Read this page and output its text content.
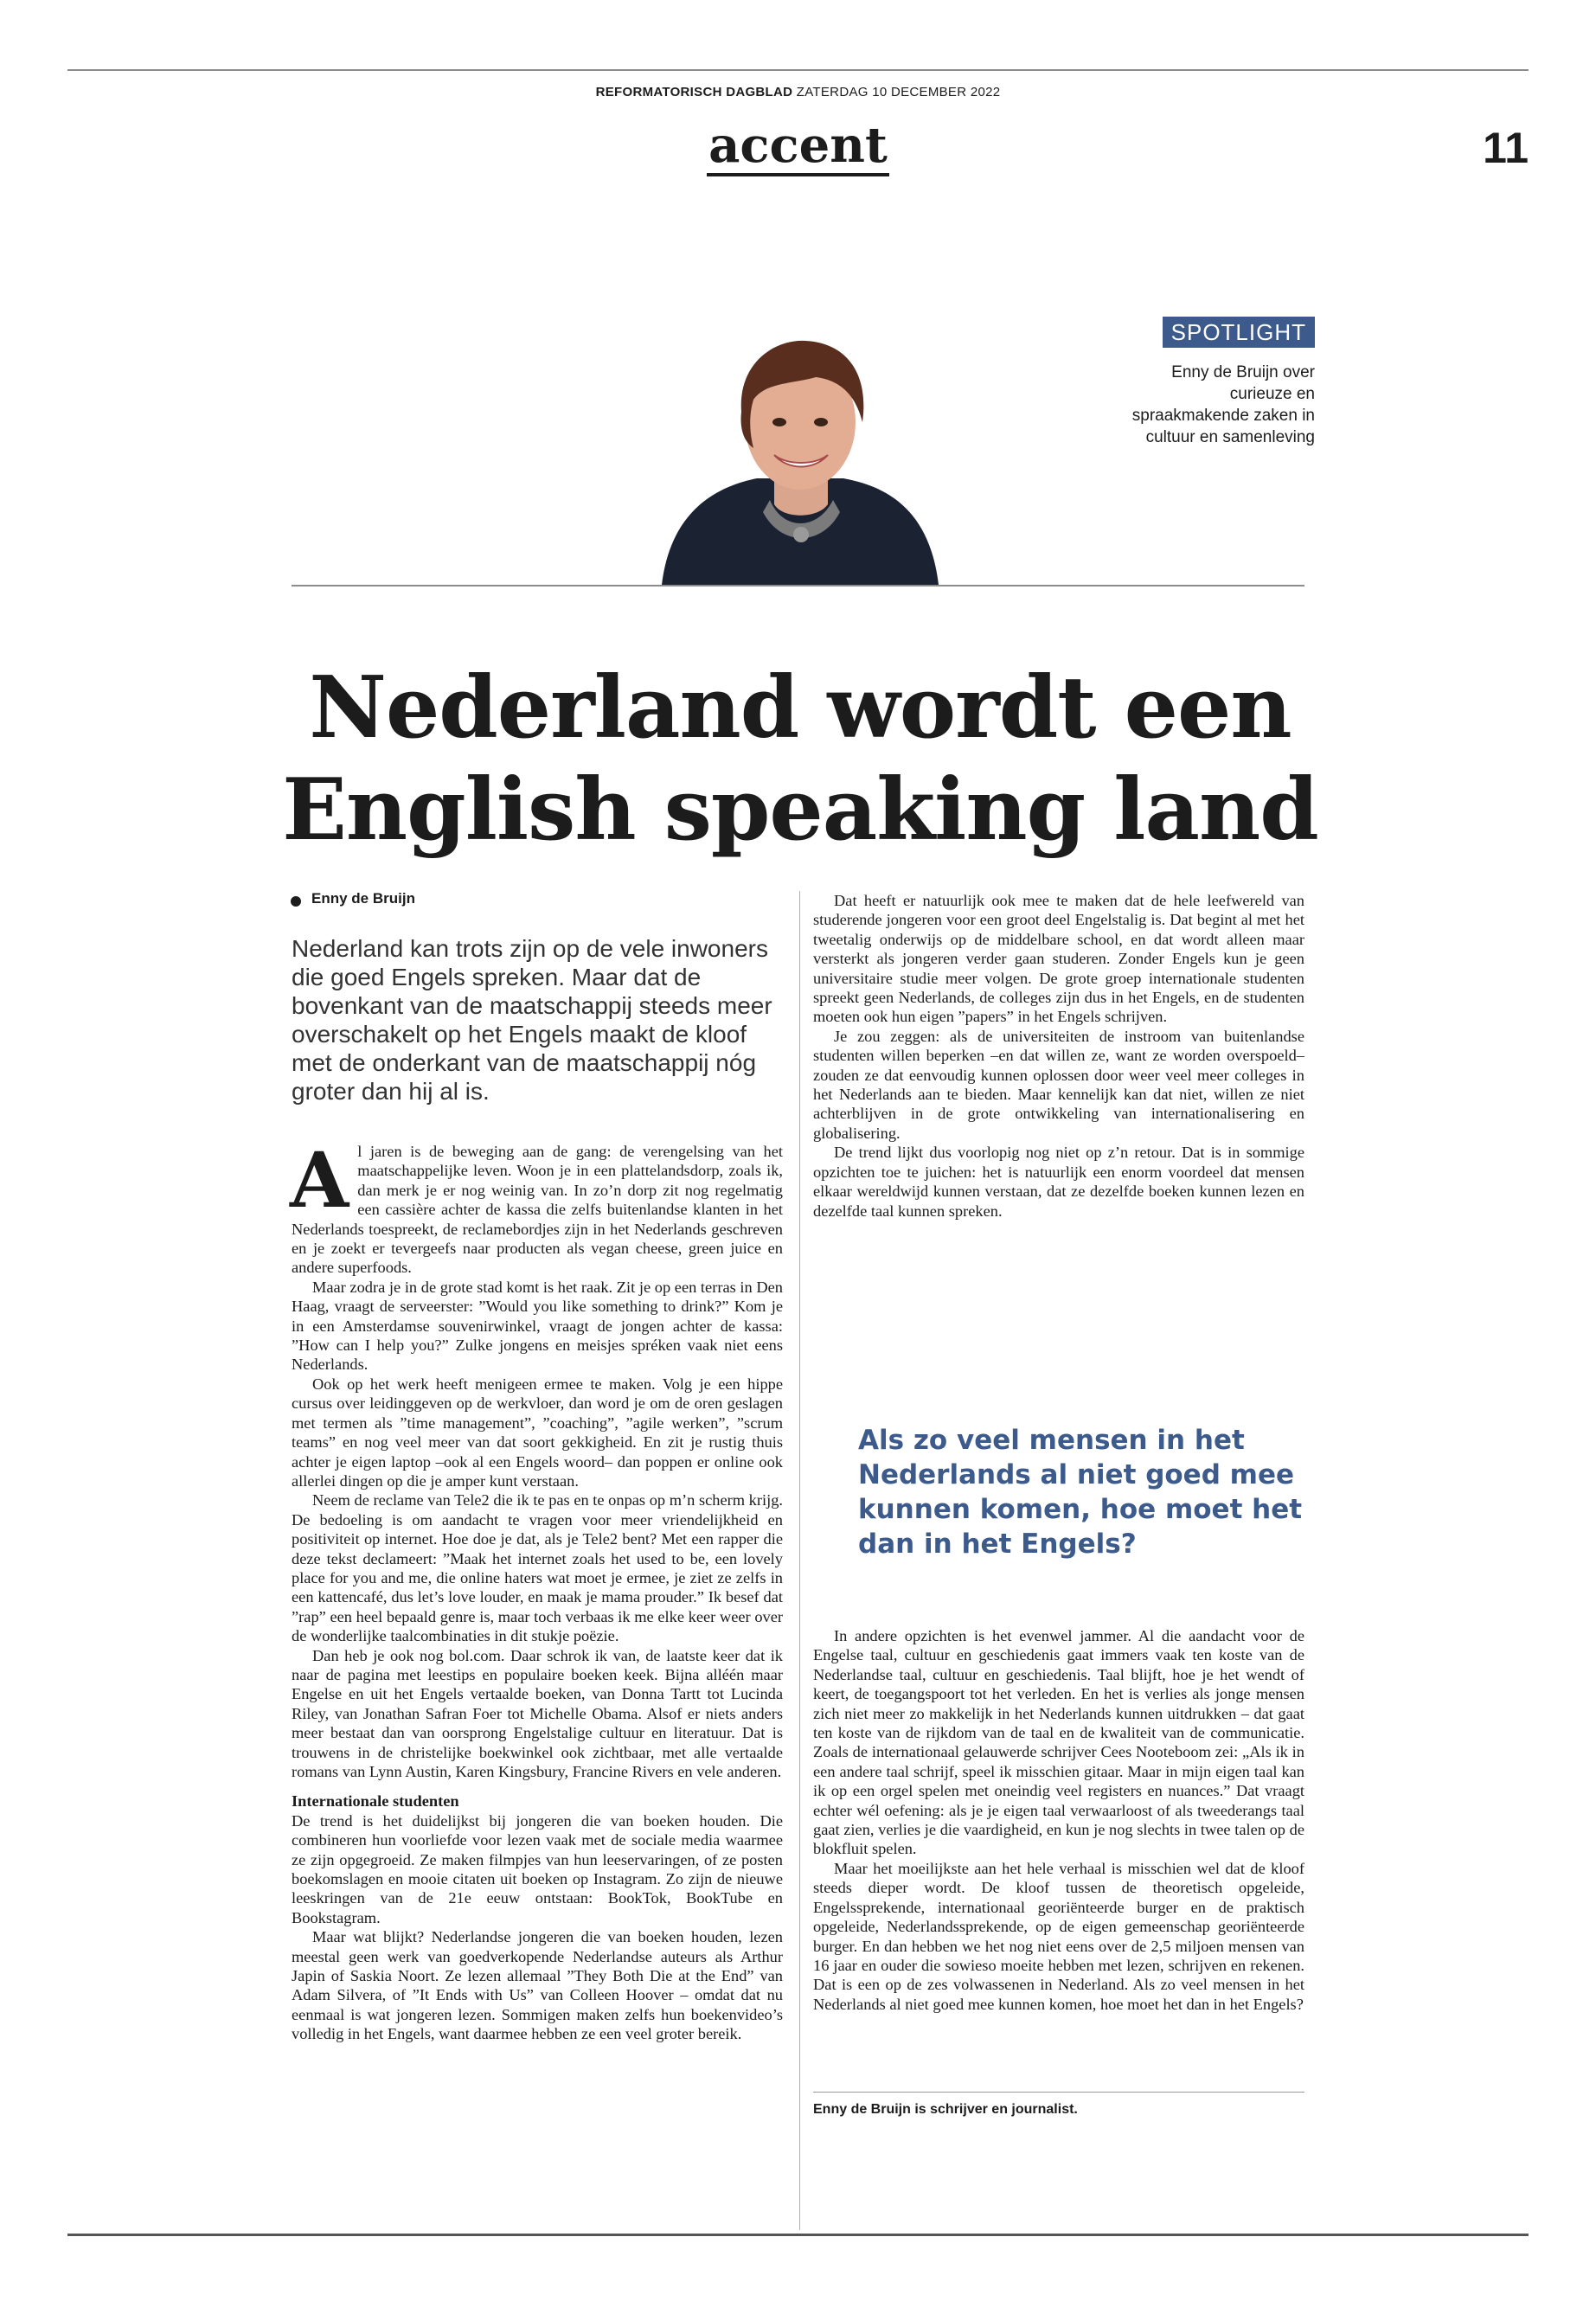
REFORMATORISCH DAGBLAD ZATERDAG 10 DECEMBER 2022
accent	11
SPOTLIGHT
Enny de Bruijn over curieuze en spraakmakende zaken in cultuur en samenleving
Nederland wordt een
English speaking land
Enny de Bruijn
Nederland kan trots zijn op de vele inwoners die goed Engels spreken. Maar dat de bovenkant van de maatschappij steeds meer overschakelt op het Engels maakt de kloof met de onderkant van de maatschappij nóg groter dan hij al is.

Al jaren is de beweging aan de gang: de verengelsing van het maatschappelijke leven. Woon je in een plattelandsdorp, zoals ik, dan merk je er nog weinig van. In zo’n dorp zit nog regelmatig een cassière achter de kassa die zelfs buitenlandse klanten in het Nederlands toespreekt, de reclamebordjes zijn in het Nederlands geschreven en je zoekt er tevergeefs naar producten als vegan cheese, green juice en andere superfoods.

Maar zodra je in de grote stad komt is het raak. Zit je op een terras in Den Haag, vraagt de serveerster: ”Would you like something to drink?” Kom je in een Amsterdamse souvenirwinkel, vraagt de jongen achter de kassa: ”How can I help you?” Zulke jongens en meisjes spréken vaak niet eens Nederlands.

Ook op het werk heeft menigeen ermee te maken. Volg je een hippe cursus over leidinggeven op de werkvloer, dan word je om de oren geslagen met termen als ”time management”, ”coaching”, ”agile werken”, ”scrum teams” en nog veel meer van dat soort gekkigheid. En zit je rustig thuis achter je eigen laptop –ook al een Engels woord– dan poppen er online ook allerlei dingen op die je amper kunt verstaan.

Neem de reclame van Tele2 die ik te pas en te onpas op m’n scherm krijg. De bedoeling is om aandacht te vragen voor meer vriendelijkheid en positiviteit op internet. Hoe doe je dat, als je Tele2 bent? Met een rapper die deze tekst declameert: ”Maak het internet zoals het used to be, een lovely place for you and me, die online haters wat moet je ermee, je ziet ze zelfs in een kattencafé, dus let’s love louder, en maak je mama prouder.” Ik besef dat ”rap” een heel bepaald genre is, maar toch verbaas ik me elke keer weer over de wonderlijke taalcombinaties in dit stukje poëzie.

Dan heb je ook nog bol.com. Daar schrok ik van, de laatste keer dat ik naar de pagina met leestips en populaire boeken keek. Bijna alléén maar Engelse en uit het Engels vertaalde boeken, van Donna Tartt tot Lucinda Riley, van Jonathan Safran Foer tot Michelle Obama. Alsof er niets anders meer bestaat dan van oorsprong Engelstalige cultuur en literatuur. Dat is trouwens in de christelijke boekwinkel ook zichtbaar, met alle vertaalde romans van Lynn Austin, Karen Kingsbury, Francine Rivers en vele anderen.

Internationale studenten

De trend is het duidelijkst bij jongeren die van boeken houden. Die combineren hun voorliefde voor lezen vaak met de sociale media waarmee ze zijn opgegroeid. Ze maken filmpjes van hun leeservaringen, of ze posten boekomslagen en mooie citaten uit boeken op Instagram. Zo zijn de nieuwe leeskringen van de 21e eeuw ontstaan: BookTok, BookTube en Bookstagram.

Maar wat blijkt? Nederlandse jongeren die van boeken houden, lezen meestal geen werk van goedverkopende Nederlandse auteurs als Arthur Japin of Saskia Noort. Ze lezen allemaal ”They Both Die at the End” van Adam Silvera, of ”It Ends with Us” van Colleen Hoover – omdat dat nu eenmaal is wat jongeren lezen. Sommigen maken zelfs hun boekenvideo’s volledig in het Engels, want daarmee hebben ze een veel groter bereik.

Dat heeft er natuurlijk ook mee te maken dat de hele leefwereld van studerende jongeren voor een groot deel Engelstalig is. Dat begint al met het tweetalig onderwijs op de middelbare school, en dat wordt alleen maar versterkt als jongeren verder gaan studeren. Zonder Engels kun je geen universitaire studie meer volgen. De grote groep internationale studenten spreekt geen Nederlands, de colleges zijn dus in het Engels, en de studenten moeten ook hun eigen ”papers” in het Engels schrijven.

Je zou zeggen: als de universiteiten de instroom van buitenlandse studenten willen beperken –en dat willen ze, want ze worden overspoeld– zouden ze dat eenvoudig kunnen oplossen door weer veel meer colleges in het Nederlands aan te bieden. Maar kennelijk kan dat niet, willen ze niet achterblijven in de grote ontwikkeling van internationalisering en globalisering.

De trend lijkt dus voorlopig nog niet op z’n retour. Dat is in sommige opzichten toe te juichen: het is natuurlijk een enorm voordeel dat mensen elkaar wereldwijd kunnen verstaan, dat ze dezelfde boeken kunnen lezen en dezelfde taal kunnen spreken.

Als zo veel mensen in het Nederlands al niet goed mee kunnen komen, hoe moet het dan in het Engels?

In andere opzichten is het evenwel jammer. Al die aandacht voor de Engelse taal, cultuur en geschiedenis gaat immers vaak ten koste van de Nederlandse taal, cultuur en geschiedenis. Taal blijft, hoe je het wendt of keert, de toegangspoort tot het verleden. En het is verlies als jonge mensen zich niet meer zo makkelijk in het Nederlands kunnen uitdrukken – dat gaat ten koste van de rijkdom van de taal en de kwaliteit van de communicatie. Zoals de internationaal gelauwerde schrijver Cees Nooteboom zei: „Als ik in een andere taal schrijf, speel ik misschien gitaar. Maar in mijn eigen taal kan ik op een orgel spelen met oneindig veel registers en nuances.” Dat vraagt echter wél oefening: als je je eigen taal verwaarloost of als tweederangs taal gaat zien, verlies je die vaardigheid, en kun je nog slechts in twee talen op de blokfluit spelen.

Maar het moeilijkste aan het hele verhaal is misschien wel dat de kloof steeds dieper wordt. De kloof tussen de theoretisch opgeleide, Engelssprekende, internationaal georiënteerde burger en de praktisch opgeleide, Nederlandssprekende, op de eigen gemeenschap georiënteerde burger. En dan hebben we het nog niet eens over de 2,5 miljoen mensen van 16 jaar en ouder die sowieso moeite hebben met lezen, schrijven en rekenen. Dat is een op de zes volwassenen in Nederland. Als zo veel mensen in het Nederlands al niet goed mee kunnen komen, hoe moet het dan in het Engels?

Enny de Bruijn is schrijver en journalist.
